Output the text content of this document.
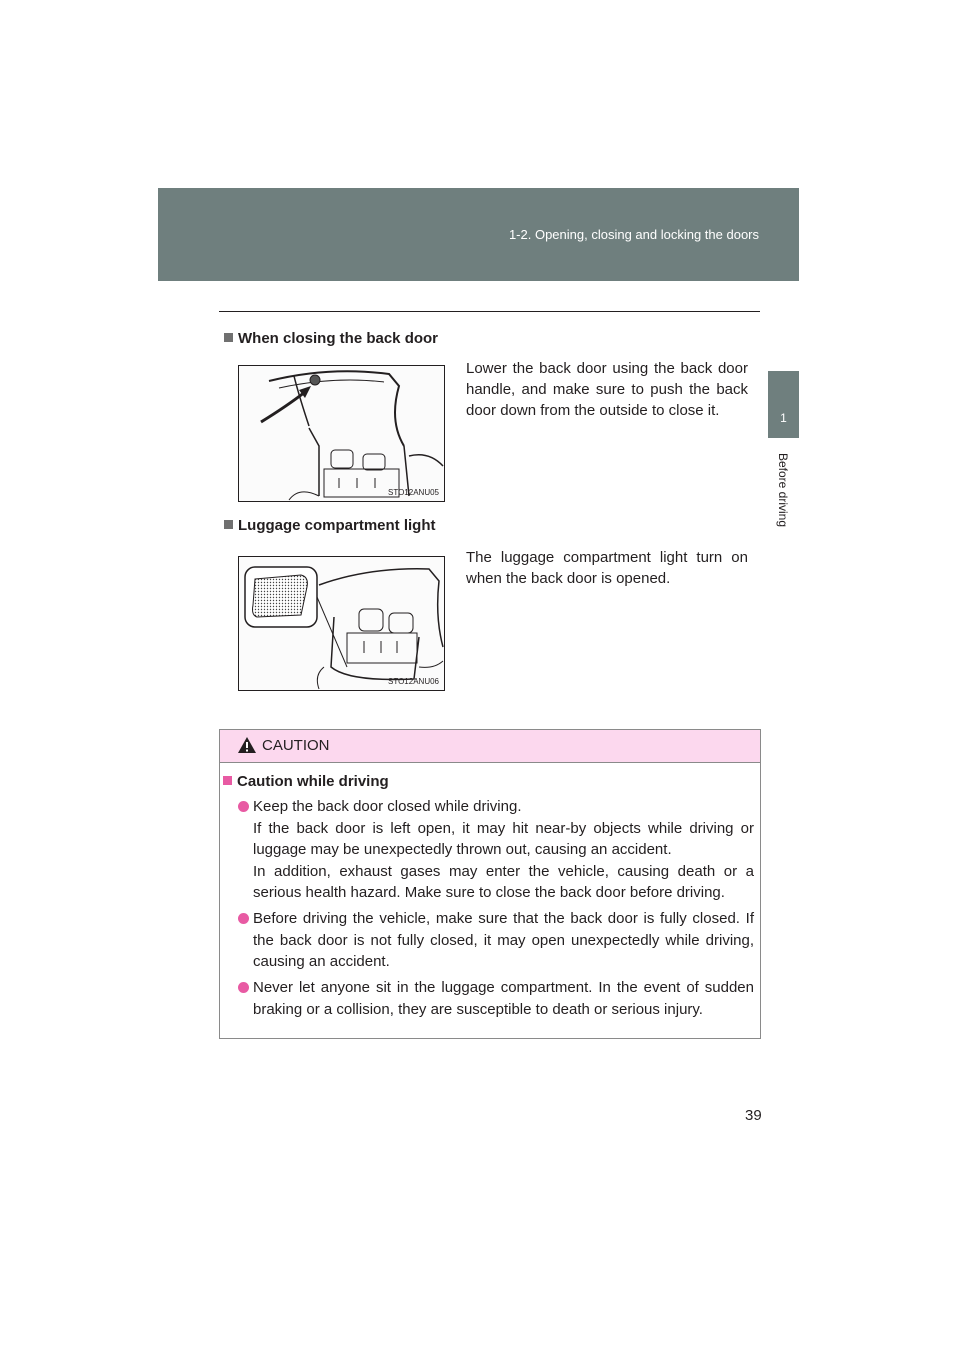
1-2. Opening, closing and locking the doors
1
Before driving
When closing the back door
Lower the back door using the back door handle, and make sure to push the back door down from the outside to close it.
STO12ANU05
Luggage compartment light
The luggage compartment light turn on when the back door is opened.
STO12ANU06
CAUTION
Caution while driving

Keep the back door closed while driving.

If the back door is left open, it may hit near-by objects while driving or luggage may be unexpectedly thrown out, causing an accident.

In addition, exhaust gases may enter the vehicle, causing death or a serious health hazard. Make sure to close the back door before driving.

Before driving the vehicle, make sure that the back door is fully closed. If the back door is not fully closed, it may open unexpectedly while driving, causing an accident.

Never let anyone sit in the luggage compartment. In the event of sudden braking or a collision, they are susceptible to death or serious injury.

39
